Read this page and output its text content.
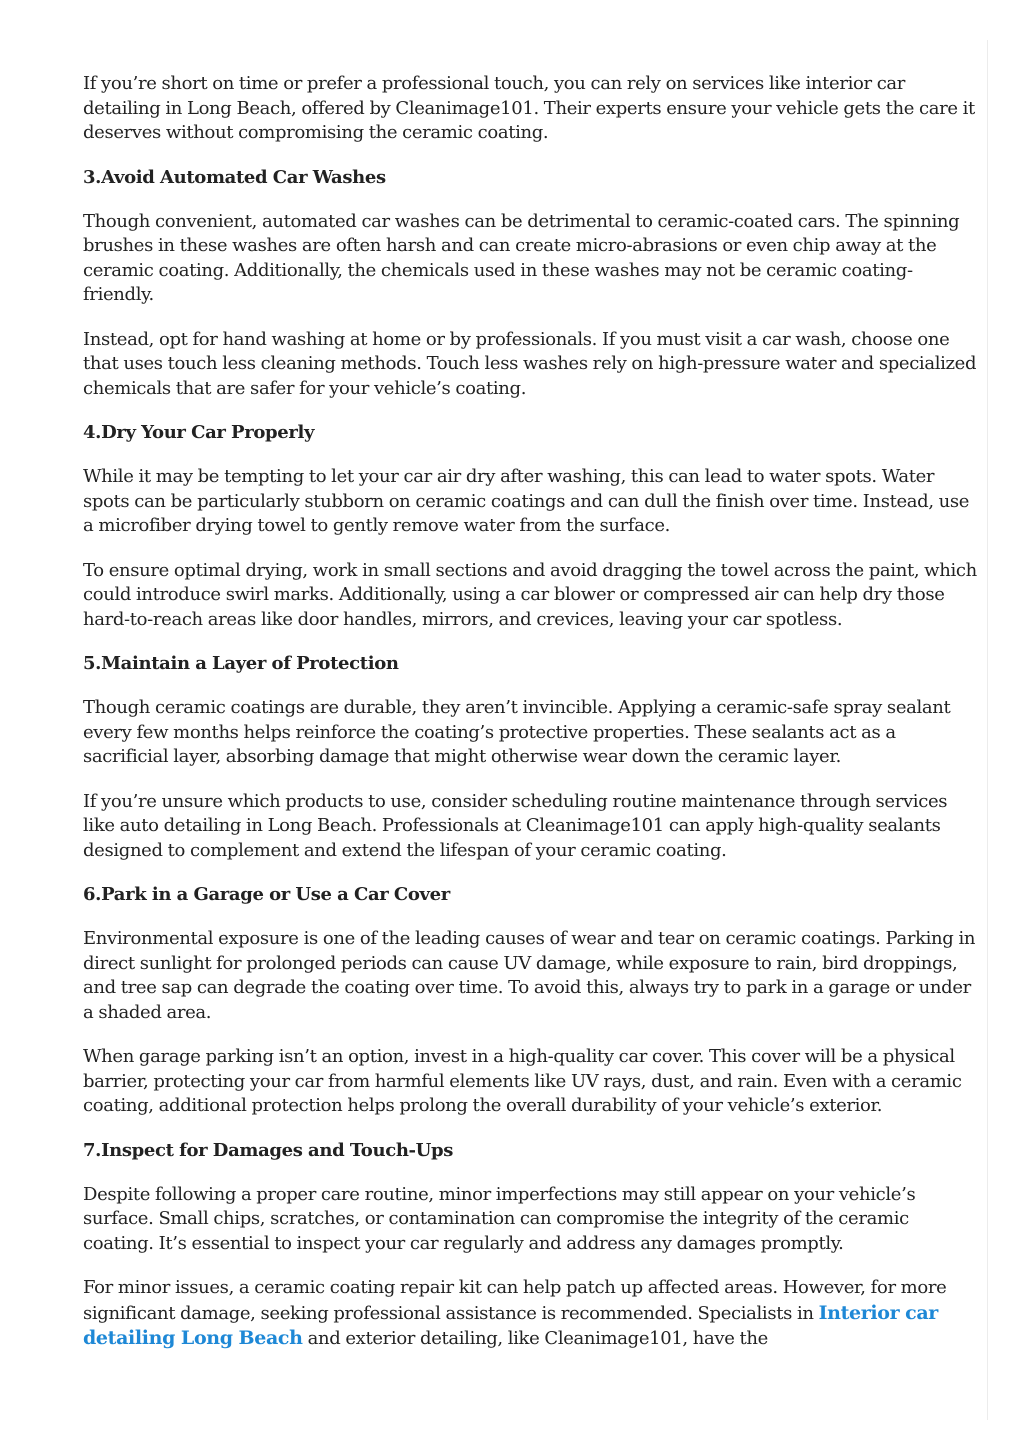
If you’re short on time or prefer a professional touch, you can rely on services like interior car detailing in Long Beach, offered by Cleanimage101. Their experts ensure your vehicle gets the care it deserves without compromising the ceramic coating.

3.Avoid Automated Car Washes

Though convenient, automated car washes can be detrimental to ceramic-coated cars. The spinning brushes in these washes are often harsh and can create micro-abrasions or even chip away at the ceramic coating. Additionally, the chemicals used in these washes may not be ceramic coating-friendly.

Instead, opt for hand washing at home or by professionals. If you must visit a car wash, choose one that uses touch less cleaning methods. Touch less washes rely on high-pressure water and specialized chemicals that are safer for your vehicle’s coating.

4.Dry Your Car Properly

While it may be tempting to let your car air dry after washing, this can lead to water spots. Water spots can be particularly stubborn on ceramic coatings and can dull the finish over time. Instead, use a microfiber drying towel to gently remove water from the surface.

To ensure optimal drying, work in small sections and avoid dragging the towel across the paint, which could introduce swirl marks. Additionally, using a car blower or compressed air can help dry those hard-to-reach areas like door handles, mirrors, and crevices, leaving your car spotless.

5.Maintain a Layer of Protection

Though ceramic coatings are durable, they aren’t invincible. Applying a ceramic-safe spray sealant every few months helps reinforce the coating’s protective properties. These sealants act as a sacrificial layer, absorbing damage that might otherwise wear down the ceramic layer.

If you’re unsure which products to use, consider scheduling routine maintenance through services like auto detailing in Long Beach. Professionals at Cleanimage101 can apply high-quality sealants designed to complement and extend the lifespan of your ceramic coating.

6.Park in a Garage or Use a Car Cover

Environmental exposure is one of the leading causes of wear and tear on ceramic coatings. Parking in direct sunlight for prolonged periods can cause UV damage, while exposure to rain, bird droppings, and tree sap can degrade the coating over time. To avoid this, always try to park in a garage or under a shaded area.

When garage parking isn’t an option, invest in a high-quality car cover. This cover will be a physical barrier, protecting your car from harmful elements like UV rays, dust, and rain. Even with a ceramic coating, additional protection helps prolong the overall durability of your vehicle’s exterior.

7.Inspect for Damages and Touch-Ups

Despite following a proper care routine, minor imperfections may still appear on your vehicle’s surface. Small chips, scratches, or contamination can compromise the integrity of the ceramic coating. It’s essential to inspect your car regularly and address any damages promptly.

For minor issues, a ceramic coating repair kit can help patch up affected areas. However, for more significant damage, seeking professional assistance is recommended. Specialists in Interior car detailing Long Beach and exterior detailing, like Cleanimage101, have the
